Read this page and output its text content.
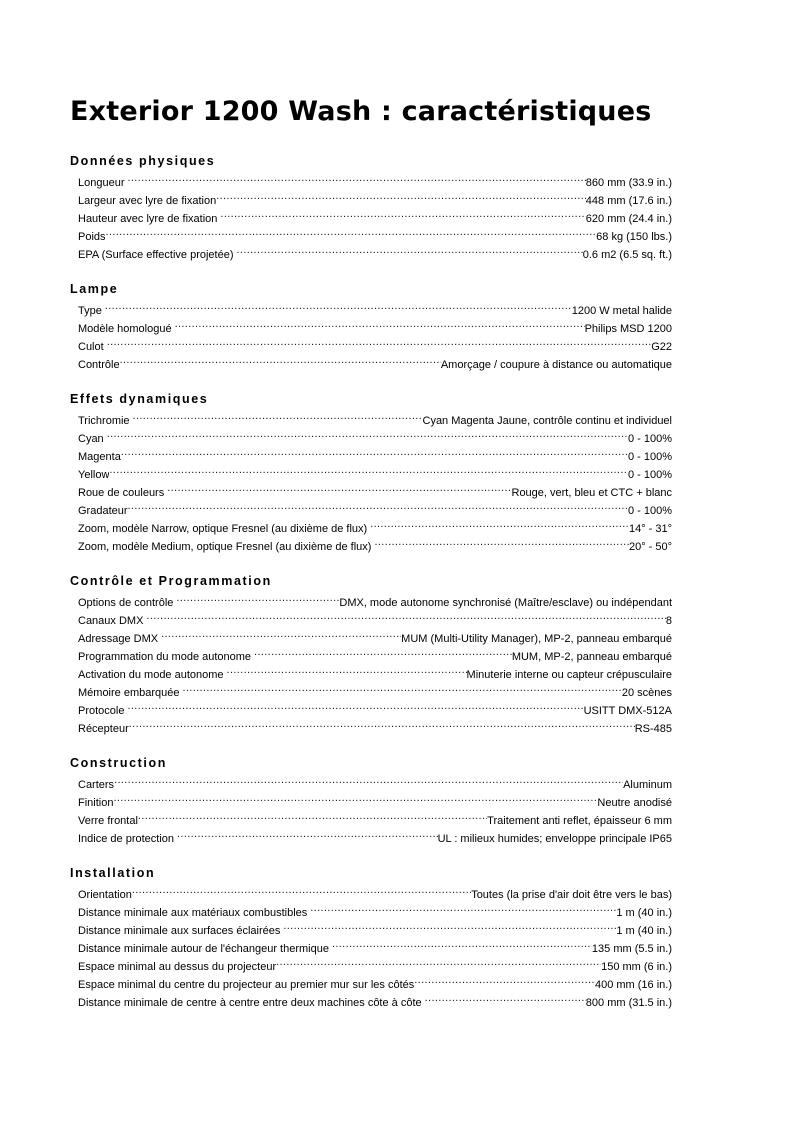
Exterior 1200 Wash : caractéristiques
Données physiques
Longueur .....	860 mm (33.9 in.)
Largeur avec lyre de fixation .....	448 mm (17.6 in.)
Hauteur avec lyre de fixation .....	620 mm (24.4 in.)
Poids .....	68 kg (150 lbs.)
EPA (Surface effective projetée) .....	0.6 m2 (6.5 sq. ft.)
Lampe
Type .....	1200 W metal halide
Modèle homologué .....	Philips MSD 1200
Culot .....	G22
Contrôle .....	Amorçage / coupure à distance ou automatique
Effets dynamiques
Trichromie .....	Cyan Magenta Jaune, contrôle continu et individuel
Cyan .....	0 - 100%
Magenta .....	0 - 100%
Yellow .....	0 - 100%
Roue de couleurs .....	Rouge, vert, bleu et CTC + blanc
Gradateur .....	0 - 100%
Zoom, modèle Narrow, optique Fresnel (au dixième de flux) .....	14° - 31°
Zoom, modèle Medium, optique Fresnel (au dixième de flux) .....	20° - 50°
Contrôle et Programmation
Options de contrôle .....	DMX, mode autonome synchronisé (Maître/esclave) ou indépendant
Canaux DMX .....	8
Adressage DMX .....	MUM (Multi-Utility Manager), MP-2, panneau embarqué
Programmation du mode autonome .....	MUM, MP-2, panneau embarqué
Activation du mode autonome .....	Minuterie interne ou capteur crépusculaire
Mémoire embarquée .....	20 scènes
Protocole .....	USITT DMX-512A
Récepteur .....	RS-485
Construction
Carters .....	Aluminum
Finition .....	Neutre anodisé
Verre frontal .....	Traitement anti reflet, épaisseur 6 mm
Indice de protection .....	UL : milieux humides; enveloppe principale IP65
Installation
Orientation .....	Toutes (la prise d'air doit être vers le bas)
Distance minimale aux matériaux combustibles .....	1 m (40 in.)
Distance minimale aux surfaces éclairées .....	1 m (40 in.)
Distance minimale autour de l'échangeur thermique .....	135 mm (5.5 in.)
Espace minimal au dessus du projecteur .....	150 mm (6 in.)
Espace minimal du centre du projecteur au premier mur sur les côtés .....	400 mm (16 in.)
Distance minimale de centre à centre entre deux machines côte à côte .....	800 mm (31.5 in.)
